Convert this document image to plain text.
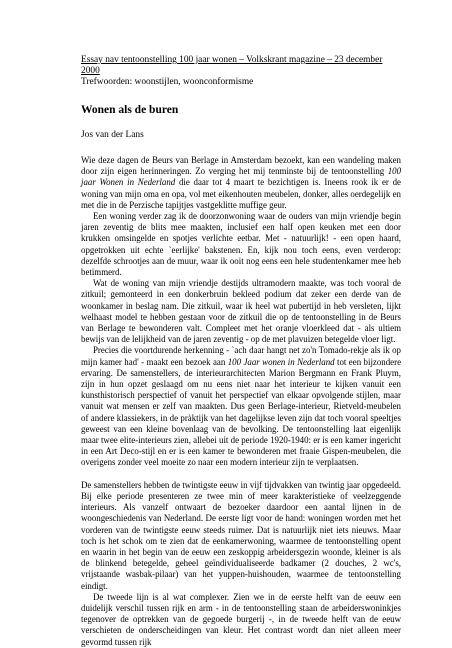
Essay nav tentoonstelling 100 jaar wonen – Volkskrant magazine – 23 december 2000
Trefwoorden: woonstijlen, woonconformisme
Wonen als de buren
Jos van der Lans

Wie deze dagen de Beurs van Berlage in Amsterdam bezoekt, kan een wandeling maken door zijn eigen herinneringen. Zo verging het mij tenminste bij de tentoonstelling 100 jaar Wonen in Nederland die daar tot 4 maart te bezichtigen is. Ineens rook ik er de woning van mijn oma en opa, vol met eikenhouten meubelen, donker, alles oerdegelijk en met die in de Perzische tapijtjes vastgeklitte muffige geur.

Een woning verder zag ik de doorzonwoning waar de ouders van mijn vriendje begin jaren zeventig de blits mee maakten, inclusief een half open keuken met een door krukken omsingelde en spotjes verlichte eetbar. Met - natuurlijk! - een open haard, opgetrokken uit echte `eerlijke' bakstenen. En, kijk nou toch eens, even verderop: dezelfde schrootjes aan de muur, waar ik ooit nog eens een hele studentenkamer mee heb betimmerd.

Wat de woning van mijn vriendje destijds ultramodern maakte, was toch vooral de zitkuil; gemonteerd in een donkerbruin bekleed podium dat zeker een derde van de woonkamer in beslag nam. Die zitkuil, waar ik heel wat pubertijd in heb versleten, lijkt welhaast model te hebben gestaan voor de zitkuil die op de tentoonstelling in de Beurs van Berlage te bewonderen valt. Compleet met het oranje vloerkleed dat - als ultiem bewijs van de lelijkheid van de jaren zeventig - op de met plavuizen betegelde vloer ligt.

Precies die voortdurende herkenning - `ach daar hangt net zo'n Tomado-rekje als ik op mijn kamer had' - maakt een bezoek aan 100 Jaar wonen in Nederland tot een bijzondere ervaring. De samenstellers, de interieurarchitecten Marion Bergmann en Frank Pluym, zijn in hun opzet geslaagd om nu eens niet naar het interieur te kijken vanuit een kunsthistorisch perspectief of vanuit het perspectief van elkaar opvolgende stijlen, maar vanuit wat mensen er zelf van maakten. Dus geen Berlage-interieur, Rietveld-meubelen of andere klassiekers, in de pràktijk van het dagelijkse leven zijn dat toch vooral speeltjes geweest van een kleine bovenlaag van de bevolking. De tentoonstelling laat eigenlijk maar twee elite-interieurs zien, allebei uit de periode 1920-1940: er is een kamer ingericht in een Art Deco-stijl en er is een kamer te bewonderen met fraaie Gispen-meubelen, die overigens zonder veel moeite zo naar een modern interieur zijn te verplaatsen.

De samenstellers hebben de twintigste eeuw in vijf tijdvakken van twintig jaar opgedeeld. Bij elke periode presenteren ze twee min of meer karakteristieke of veelzeggende interieurs. Als vanzelf ontwaart de bezoeker daardoor een aantal lijnen in de woongeschiedenis van Nederland. De eerste ligt voor de hand: woningen worden met het vorderen van de twintigste eeuw steeds ruimer. Dat is natuurlijk niet iets nieuws. Maar toch is het schok om te zien dat de eenkamerwoning, waarmee de tentoonstelling opent en waarin in het begin van de eeuw een zeskoppig arbeidersgezin woonde, kleiner is als de blinkend betegelde, geheel geïndividualiseerde badkamer (2 douches, 2 wc's, vrijstaande wasbak-pilaar) van het yuppen-huishouden, waarmee de tentoonstelling eindigt.

De tweede lijn is al wat complexer. Zien we in de eerste helft van de eeuw een duidelijk verschil tussen rijk en arm - in de tentoonstelling staan de arbeiderswoninkjes tegenover de optrekken van de gegoede burgerij -, in de tweede helft van de eeuw verschieten de onderscheidingen van kleur. Het contrast wordt dan niet alleen meer gevormd tussen rijk
